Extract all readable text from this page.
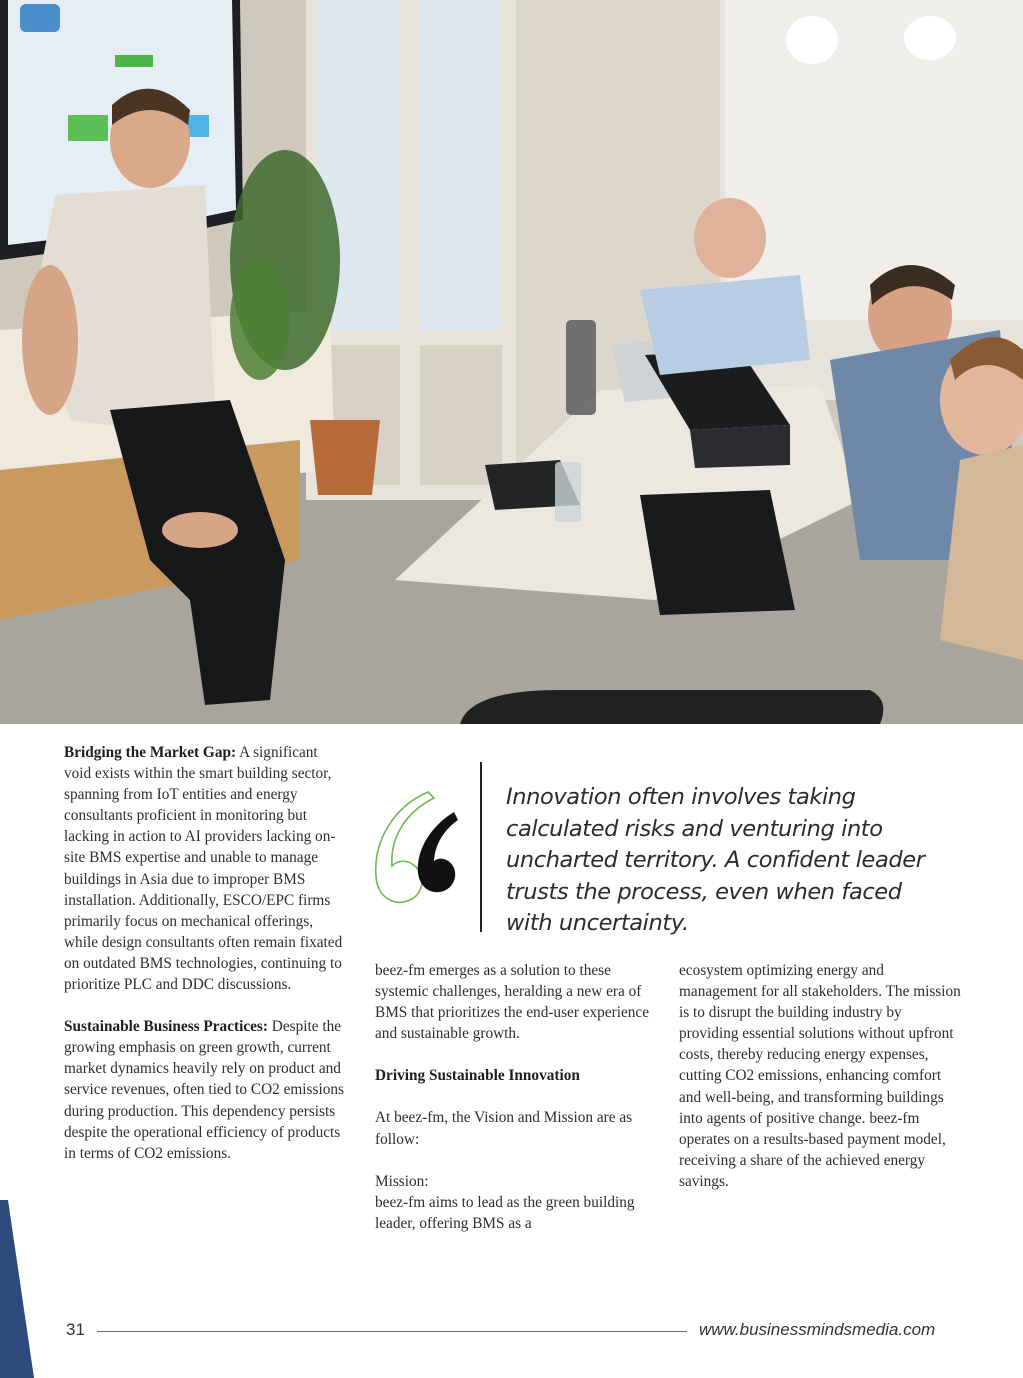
Bridging the Market Gap: A significant void exists within the smart building sector, spanning from IoT entities and energy consultants proficient in monitoring but lacking in action to AI providers lacking on-site BMS expertise and unable to manage buildings in Asia due to improper BMS installation. Additionally, ESCO/EPC firms primarily focus on mechanical offerings, while design consultants often remain fixated on outdated BMS technologies, continuing to prioritize PLC and DDC discussions.

Sustainable Business Practices: Despite the growing emphasis on green growth, current market dynamics heavily rely on product and service revenues, often tied to CO2 emissions during production. This dependency persists despite the operational efficiency of products in terms of CO2 emissions.

Innovation often involves taking calculated risks and venturing into uncharted territory. A confident leader trusts the process, even when faced with uncertainty.

beez-fm emerges as a solution to these systemic challenges, heralding a new era of BMS that prioritizes the end-user experience and sustainable growth.

Driving Sustainable Innovation

At beez-fm, the Vision and Mission are as follow:

Mission:

beez-fm aims to lead as the green building leader, offering BMS as a

ecosystem optimizing energy and management for all stakeholders. The mission is to disrupt the building industry by providing essential solutions without upfront costs, thereby reducing energy expenses, cutting CO2 emissions, enhancing comfort and well-being, and transforming buildings into agents of positive change. beez-fm operates on a results-based payment model, receiving a share of the achieved energy savings.

31	www.businessmindsmedia.com
